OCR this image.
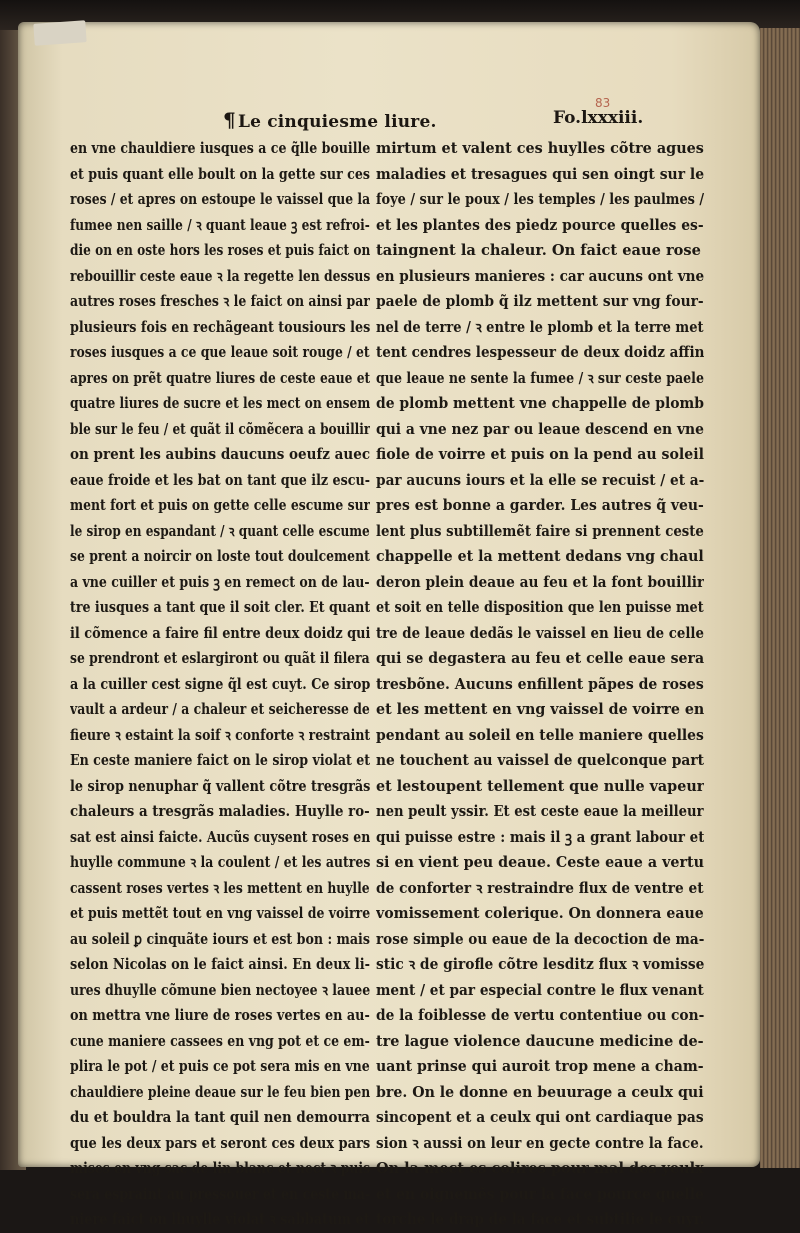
¶ Le cinquiesme liure.	Fo.lxxxiii.
83
en vne chauldiere iusques a ce q̃lle bouille
et puis quant elle boult on la gette sur ces
roses / et apres on estoupe le vaissel que la
fumee nen saille / ꝛ quant leaue ꝫ est refroi-
die on en oste hors les roses et puis faict on
rebouillir ceste eaue ꝛ la regette len dessus
autres roses fresches ꝛ le faict on ainsi par
plusieurs fois en rechãgeant tousiours les
roses iusques a ce que leaue soit rouge / et
apres on prẽt quatre liures de ceste eaue et
quatre liures de sucre et les mect on ensem
ble sur le feu / et quãt il cõmẽcera a bouillir
on prent les aubins daucuns oeufz auec
eaue froide et les bat on tant que ilz escu-
ment fort et puis on gette celle escume sur
le sirop en espandant / ꝛ quant celle escume
se prent a noircir on loste tout doulcement
a vne cuiller et puis ꝫ en remect on de lau-
tre iusques a tant que il soit cler. Et quant
il cõmence a faire fil entre deux doidz qui
se prendront et eslargiront ou quãt il filera
a la cuiller cest signe q̃l est cuyt. Ce sirop
vault a ardeur / a chaleur et seicheresse de
fieure ꝛ estaint la soif ꝛ conforte ꝛ restraint
En ceste maniere faict on le sirop violat et
le sirop nenuphar q̃ vallent cõtre tresgrãs
chaleurs a tresgrãs maladies. Huylle ro-
sat est ainsi faicte. Aucũs cuysent roses en
huylle commune ꝛ la coulent / et les autres
cassent roses vertes ꝛ les mettent en huylle
et puis mettẽt tout en vng vaissel de voirre
au soleil ꝑ cinquãte iours et est bon : mais
selon Nicolas on le faict ainsi. En deux li-
ures dhuylle cõmune bien nectoyee ꝛ lauee
on mettra vne liure de roses vertes en au-
cune maniere cassees en vng pot et ce em-
plira le pot / et puis ce pot sera mis en vne
chauldiere pleine deaue sur le feu bien pen
du et bouldra la tant quil nen demourra
que les deux pars et seront ces deux pars
mises en vng sac de lin blanc et nect ꝛ puis
sera espraint au pressouer et en ceste ma-
niere faict on lhuylle violat ꝛ sabbatum et
mirtum et valent ces huylles cõtre agues
maladies et tresagues qui sen oingt sur le
foye / sur le poux / les temples / les paulmes /
et les plantes des piedz pource quelles es-
taingnent la chaleur. On faict eaue rose
en plusieurs manieres : car aucuns ont vne
paele de plomb q̃ ilz mettent sur vng four-
nel de terre / ꝛ entre le plomb et la terre met
tent cendres lespesseur de deux doidz affin
que leaue ne sente la fumee / ꝛ sur ceste paele
de plomb mettent vne chappelle de plomb
qui a vne nez par ou leaue descend en vne
fiole de voirre et puis on la pend au soleil
par aucuns iours et la elle se recuist / et a-
pres est bonne a garder. Les autres q̃ veu-
lent plus subtillemẽt faire si prennent ceste
chappelle et la mettent dedans vng chaul
deron plein deaue au feu et la font bouillir
et soit en telle disposition que len puisse met
tre de leaue dedãs le vaissel en lieu de celle
qui se degastera au feu et celle eaue sera
tresbõne. Aucuns enfillent pãpes de roses
et les mettent en vng vaissel de voirre en
pendant au soleil en telle maniere quelles
ne touchent au vaissel de quelconque part
et lestoupent tellement que nulle vapeur
nen peult yssir. Et est ceste eaue la meilleur
qui puisse estre : mais il ꝫ a grant labour et
si en vient peu deaue. Ceste eaue a vertu
de conforter ꝛ restraindre flux de ventre et
vomissement colerique. On donnera eaue
rose simple ou eaue de la decoction de ma-
stic ꝛ de girofle cõtre lesditz flux ꝛ vomisse
ment / et par especial contre le flux venant
de la foiblesse de vertu contentiue ou con-
tre lague violence daucune medicine de-
uant prinse qui auroit trop mene a cham-
bre. On le donne en beuurage a ceulx qui
sincopent et a ceulx qui ont cardiaque pas
sion ꝛ aussi on leur en gecte contre la face.
On la mect es colires pour mal des yeulx
et en oignemẽs pour la face pource quelle
torche le drap de la face et subtilie le cuyr.
